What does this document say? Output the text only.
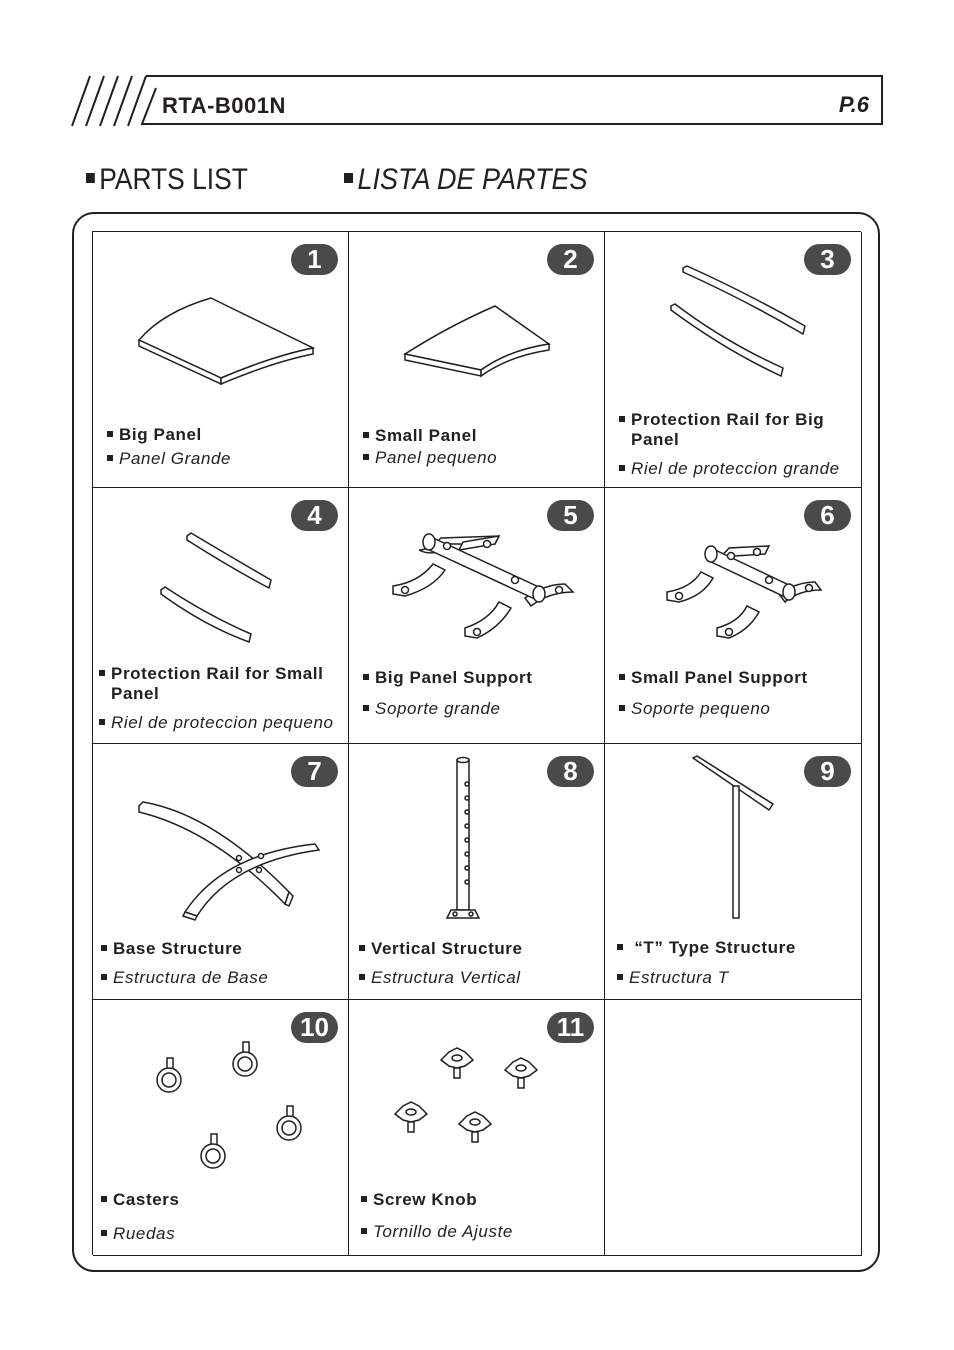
RTA-B001N	P.6
PARTS LIST	LISTA DE PARTES
1
Big Panel
Panel Grande
2
Small Panel
Panel pequeno
3
Protection Rail for Big
Panel
Riel de proteccion grande
4
Protection Rail for Small
Panel
Riel de proteccion pequeno
5
Big Panel Support
Soporte grande
6
Small Panel Support
Soporte pequeno
7
Base Structure
Estructura de Base
8
Vertical Structure
Estructura Vertical
9
“T” Type Structure
Estructura T
10
Casters
Ruedas
11
Screw Knob
Tornillo de Ajuste
